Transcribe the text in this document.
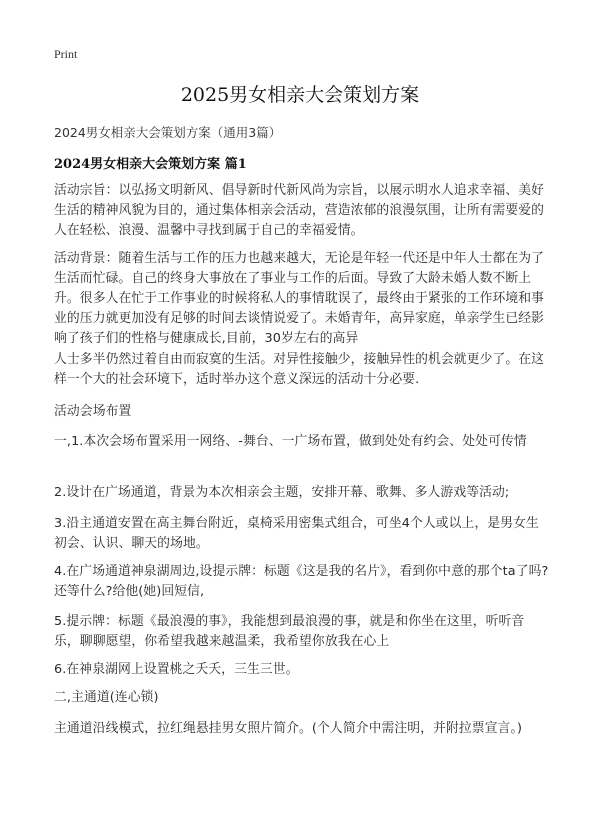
Print
2025男女相亲大会策划方案
2024男女相亲大会策划方案（通用3篇）
2024男女相亲大会策划方案 篇1
活动宗旨：以弘扬文明新风、倡导新时代新风尚为宗旨，以展示明水人追求幸福、美好生活的精神风貌为目的，通过集体相亲会活动，营造浓郁的浪漫氛围，让所有需要爱的人在轻松、浪漫、温馨中寻找到属于自己的幸福爱情。
活动背景：随着生活与工作的压力也越来越大，无论是年轻一代还是中年人士都在为了生活而忙碌。自己的终身大事放在了事业与工作的后面。导致了大龄未婚人数不断上升。很多人在忙于工作事业的时候将私人的事情耽误了，最终由于紧张的工作环境和事业的压力就更加没有足够的时间去谈情说爱了。未婚青年，高异家庭，单亲学生已经影响了孩子们的性格与健康成长,目前，30岁左右的高异
人士多半仍然过着自由而寂寞的生活。对异性接触少，接触异性的机会就更少了。在这样一个大的社会环境下，适时举办这个意义深远的活动十分必要.
活动会场布置
一,1.本次会场布置采用一网络、-舞台、一广场布置，做到处处有约会、处处可传情
2.设计在广场通道，背景为本次相亲会主题，安排开幕、歌舞、多人游戏等活动;
3.沿主通道安置在高主舞台附近，桌椅采用密集式组合，可坐4个人或以上，是男女生初会、认识、聊天的场地。
4.在广场通道神泉湖周边,设提示牌：标题《这是我的名片》，看到你中意的那个ta了吗?还等什么?给他(她)回短信,
5.提示牌：标题《最浪漫的事》，我能想到最浪漫的事，就是和你坐在这里，听听音乐，聊聊愿望，你希望我越来越温柔，我希望你放我在心上
6.在神泉湖网上设置桃之夭夭，三生三世。
二,主通道(连心锁)
主通道沿线模式，拉红绳悬挂男女照片简介。(个人简介中需注明，并附拉票宣言。)
